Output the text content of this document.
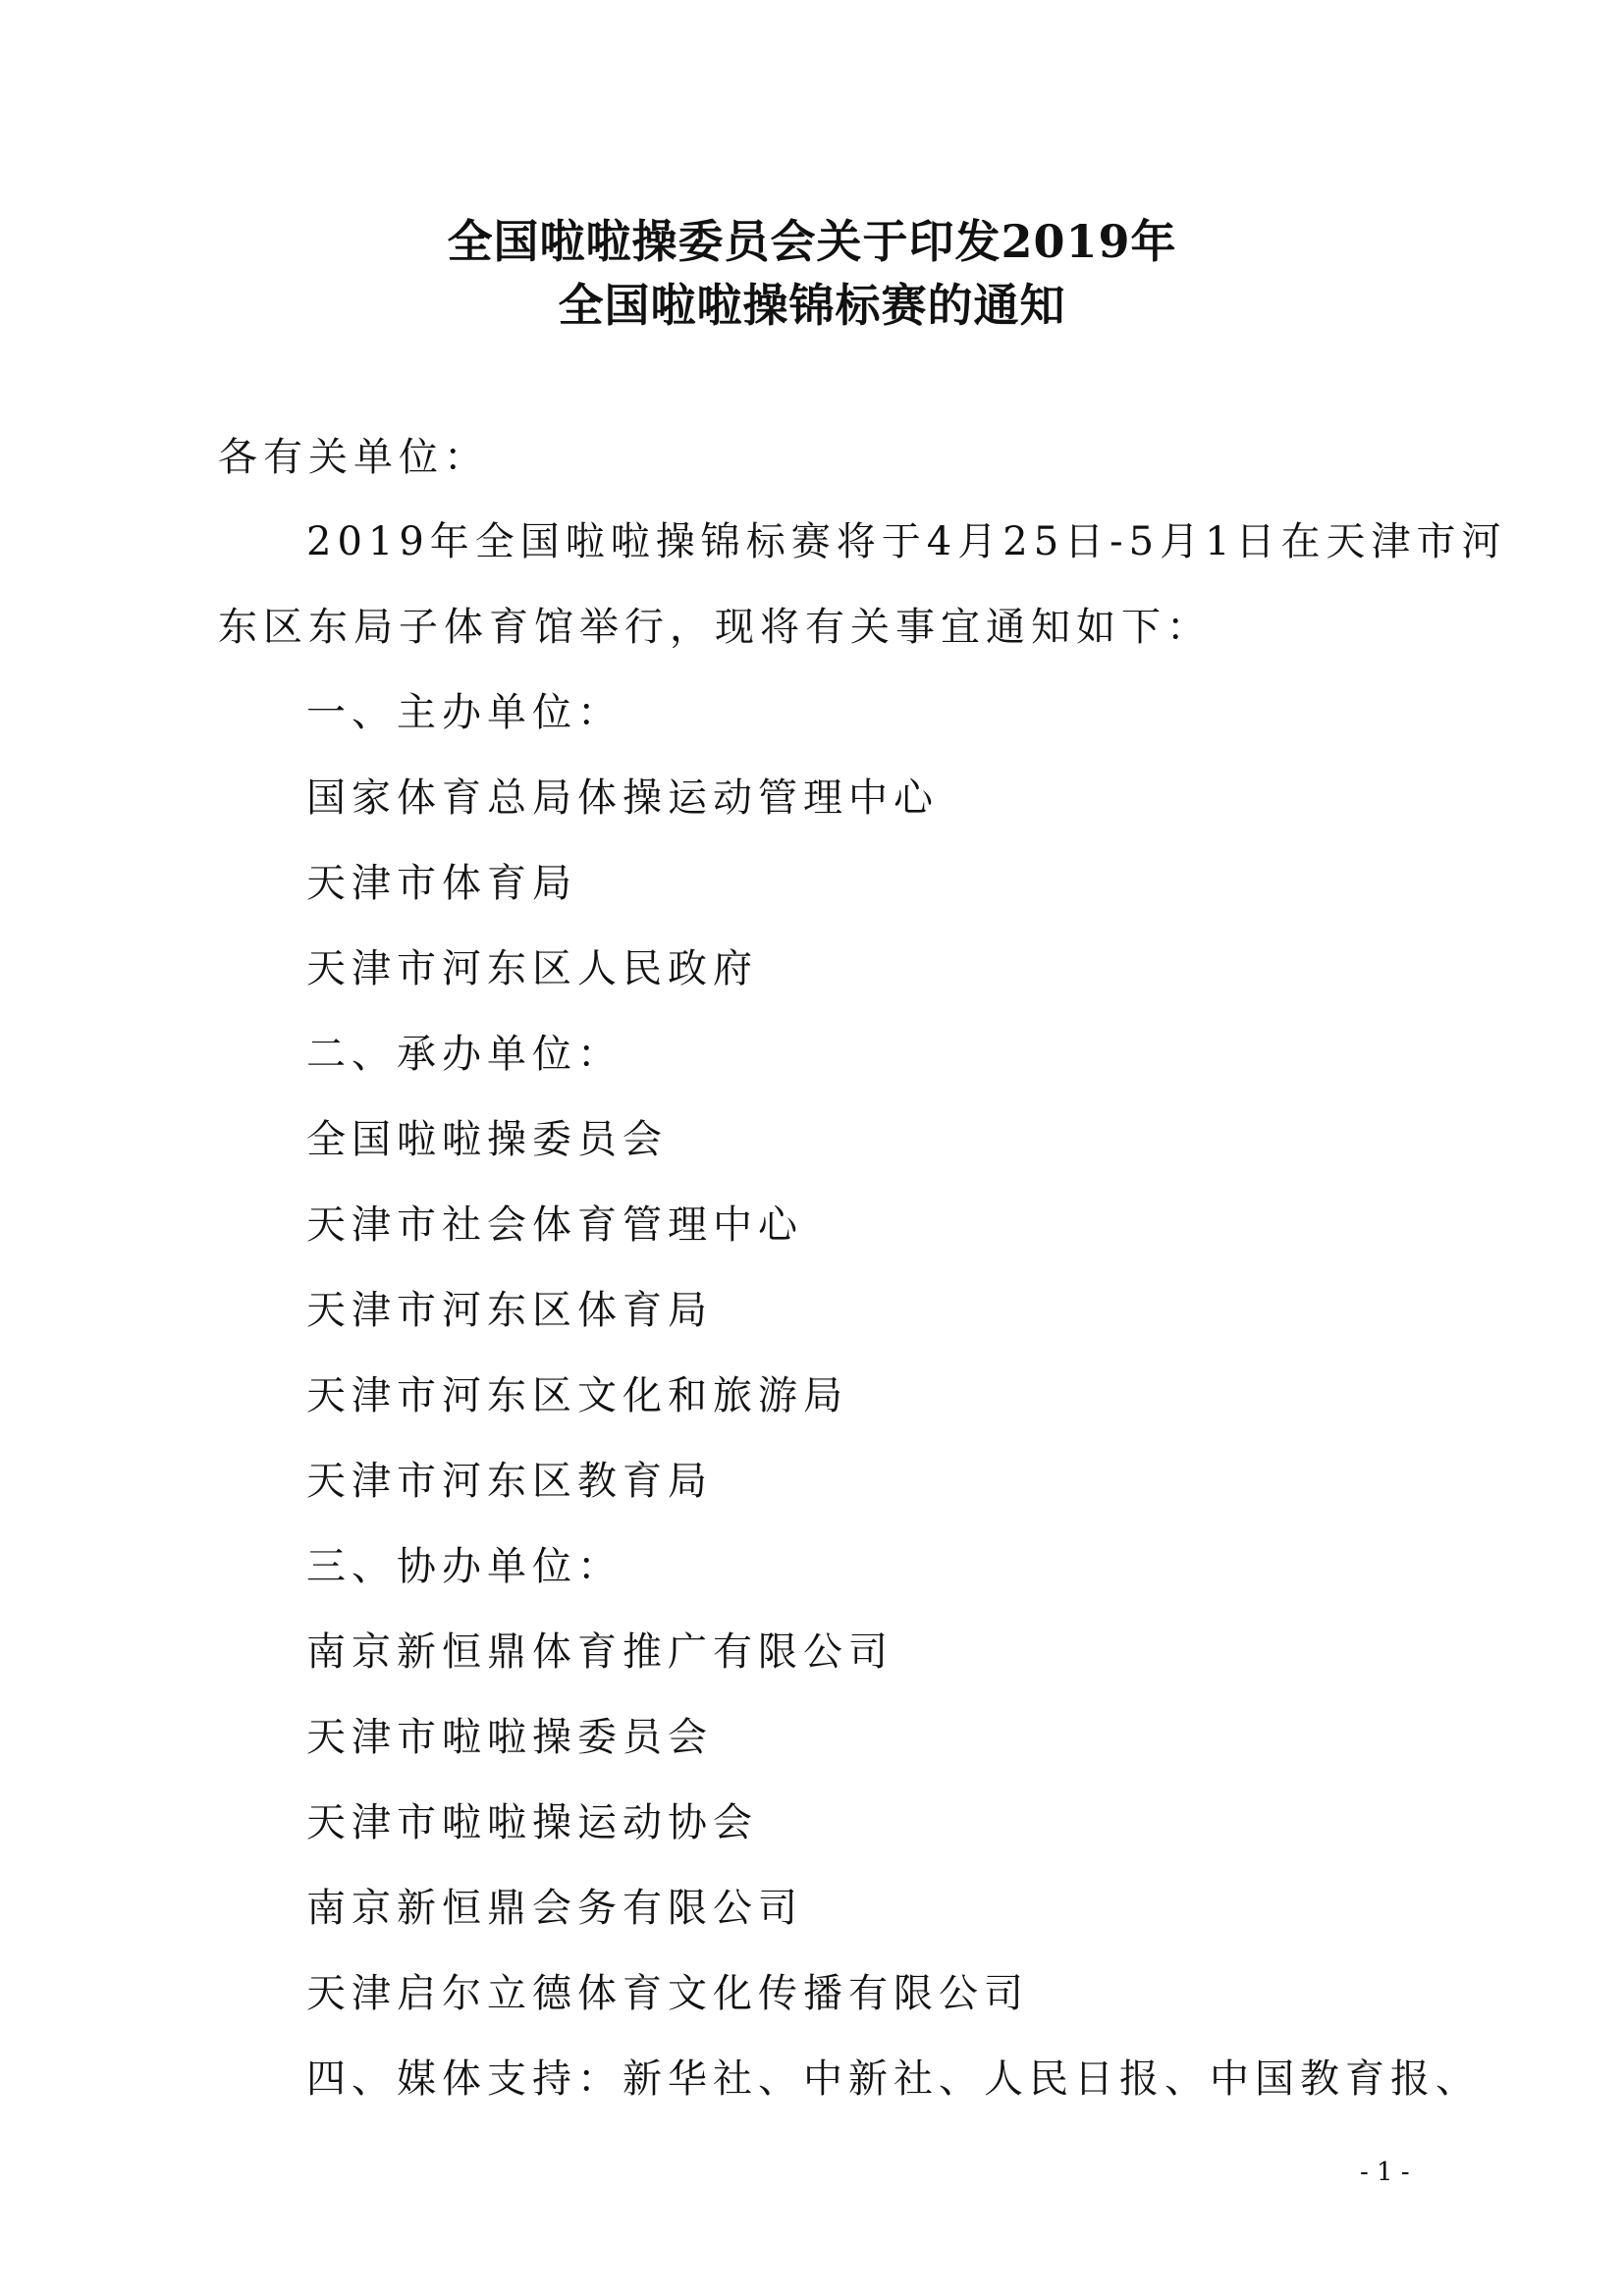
全国啦啦操委员会关于印发2019年
全国啦啦操锦标赛的通知
各有关单位：
2019年全国啦啦操锦标赛将于4月25日-5月1日在天津市河
东区东局子体育馆举行，现将有关事宜通知如下：
一、主办单位：
国家体育总局体操运动管理中心
天津市体育局
天津市河东区人民政府
二、承办单位：
全国啦啦操委员会
天津市社会体育管理中心
天津市河东区体育局
天津市河东区文化和旅游局
天津市河东区教育局
三、协办单位：
南京新恒鼎体育推广有限公司
天津市啦啦操委员会
天津市啦啦操运动协会
南京新恒鼎会务有限公司
天津启尔立德体育文化传播有限公司
四、媒体支持：新华社、中新社、人民日报、中国教育报、
- 1 -
